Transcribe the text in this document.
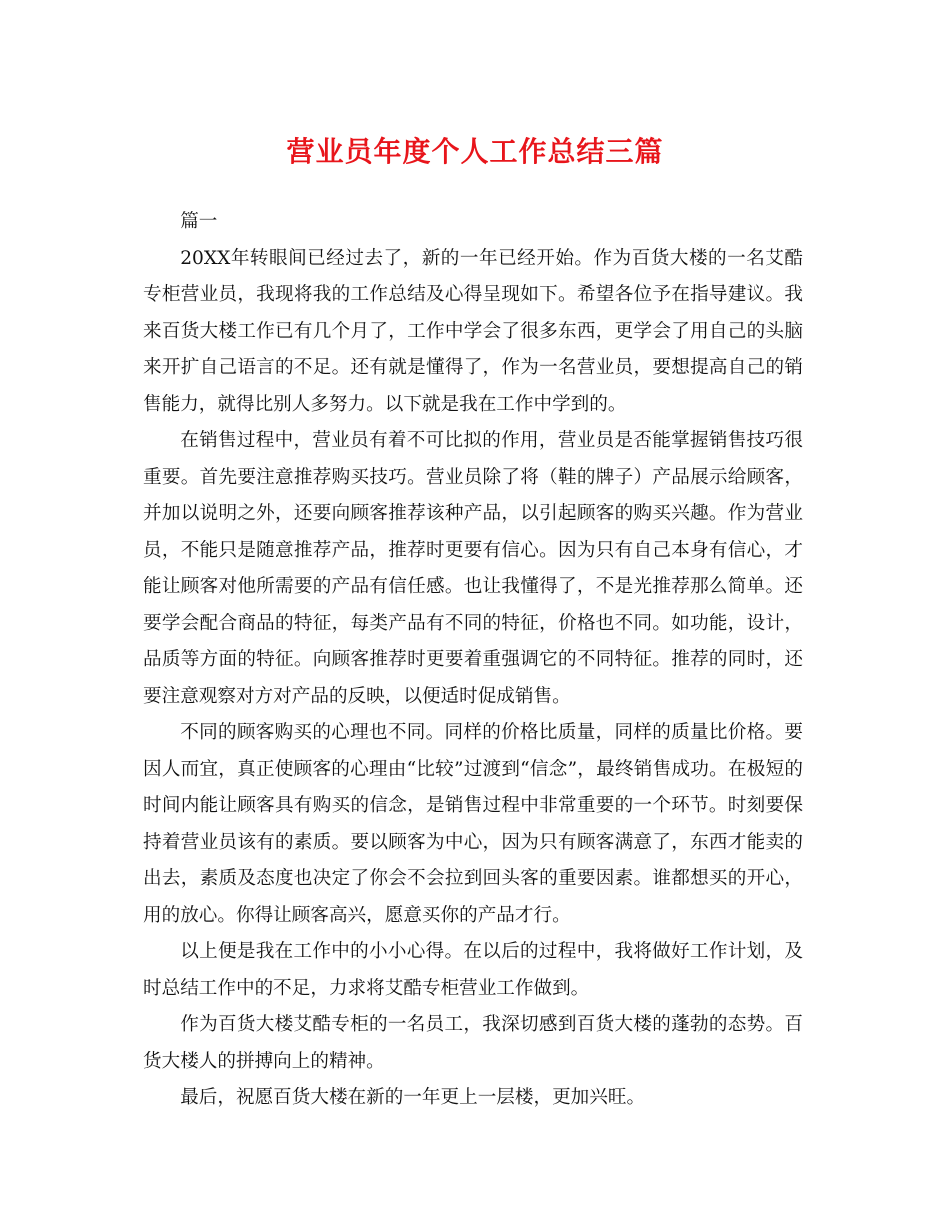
营业员年度个人工作总结三篇

篇一

20XX年转眼间已经过去了，新的一年已经开始。作为百货大楼的一名艾酷专柜营业员，我现将我的工作总结及心得呈现如下。希望各位予在指导建议。我来百货大楼工作已有几个月了，工作中学会了很多东西，更学会了用自己的头脑来开扩自己语言的不足。还有就是懂得了，作为一名营业员，要想提高自己的销售能力，就得比别人多努力。以下就是我在工作中学到的。

在销售过程中，营业员有着不可比拟的作用，营业员是否能掌握销售技巧很重要。首先要注意推荐购买技巧。营业员除了将（鞋的牌子）产品展示给顾客，并加以说明之外，还要向顾客推荐该种产品，以引起顾客的购买兴趣。作为营业员，不能只是随意推荐产品，推荐时更要有信心。因为只有自己本身有信心，才能让顾客对他所需要的产品有信任感。也让我懂得了，不是光推荐那么简单。还要学会配合商品的特征，每类产品有不同的特征，价格也不同。如功能，设计，品质等方面的特征。向顾客推荐时更要着重强调它的不同特征。推荐的同时，还要注意观察对方对产品的反映，以便适时促成销售。

不同的顾客购买的心理也不同。同样的价格比质量，同样的质量比价格。要因人而宜，真正使顾客的心理由“比较”过渡到“信念”，最终销售成功。在极短的时间内能让顾客具有购买的信念，是销售过程中非常重要的一个环节。时刻要保持着营业员该有的素质。要以顾客为中心，因为只有顾客满意了，东西才能卖的出去，素质及态度也决定了你会不会拉到回头客的重要因素。谁都想买的开心，用的放心。你得让顾客高兴，愿意买你的产品才行。

以上便是我在工作中的小小心得。在以后的过程中，我将做好工作计划，及时总结工作中的不足，力求将艾酷专柜营业工作做到。

作为百货大楼艾酷专柜的一名员工，我深切感到百货大楼的蓬勃的态势。百货大楼人的拼搏向上的精神。

最后，祝愿百货大楼在新的一年更上一层楼，更加兴旺。
